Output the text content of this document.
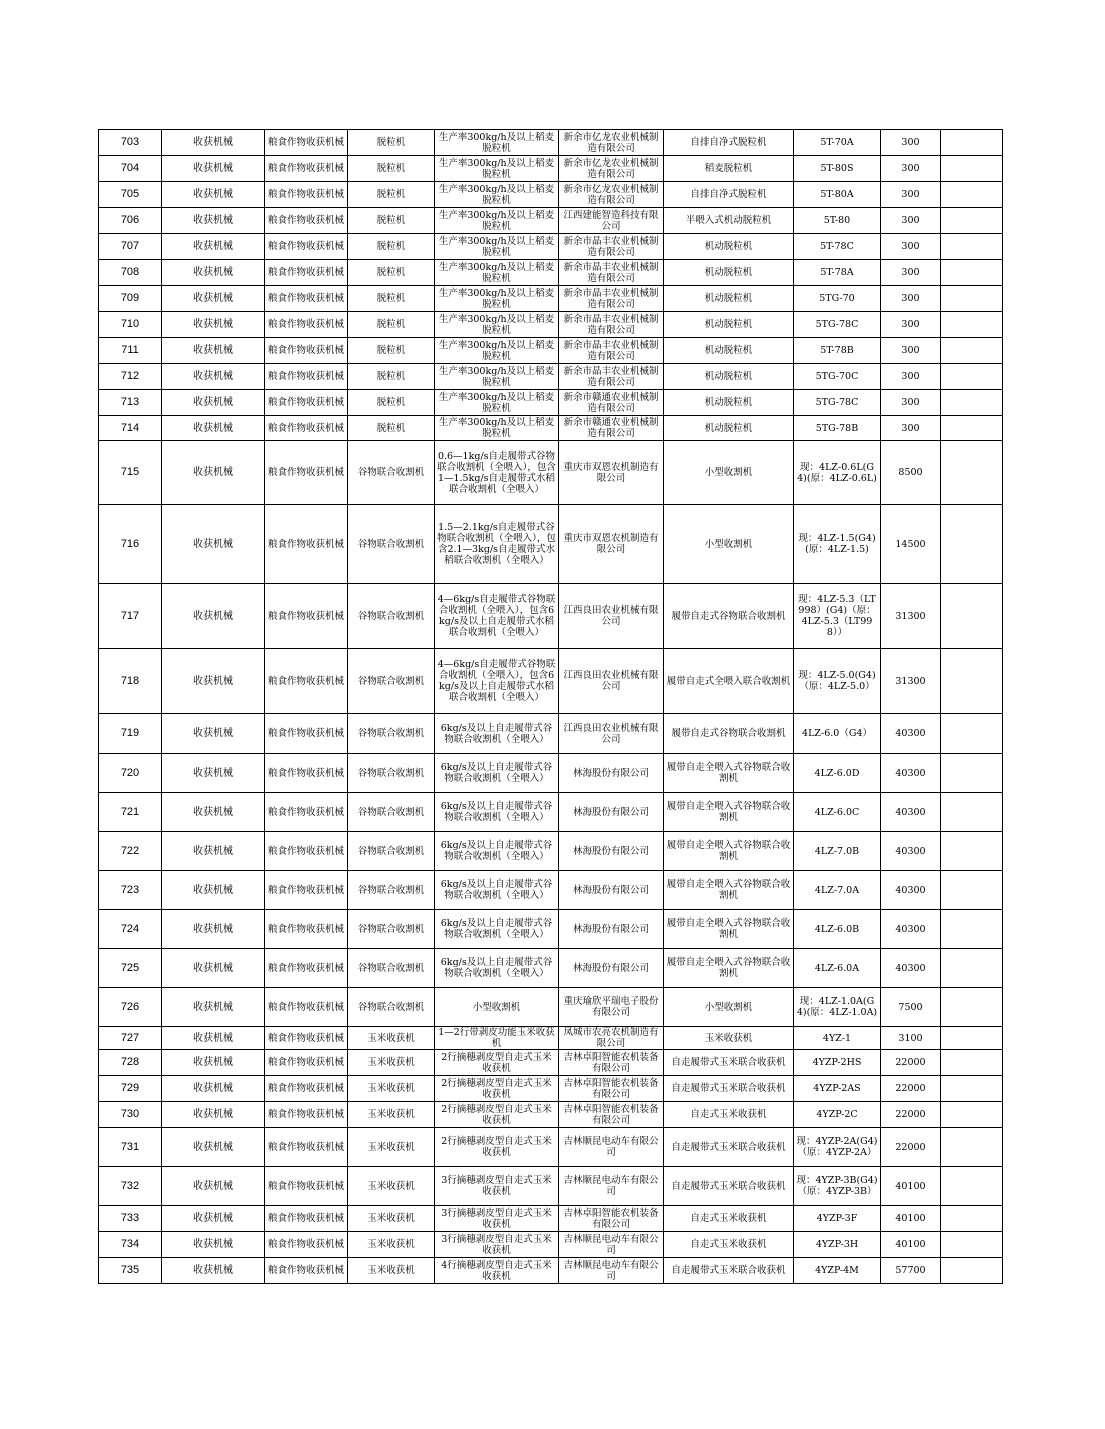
703	收获机械	粮食作物收获机械	脱粒机	生产率300kg/h及以上稻麦脱粒机	新余市亿龙农业机械制造有限公司	自排自净式脱粒机	5T-70A	300	
704	收获机械	粮食作物收获机械	脱粒机	生产率300kg/h及以上稻麦脱粒机	新余市亿龙农业机械制造有限公司	稻麦脱粒机	5T-80S	300	
705	收获机械	粮食作物收获机械	脱粒机	生产率300kg/h及以上稻麦脱粒机	新余市亿龙农业机械制造有限公司	自排自净式脱粒机	5T-80A	300	
706	收获机械	粮食作物收获机械	脱粒机	生产率300kg/h及以上稻麦脱粒机	江西建能智造科技有限公司	半喂入式机动脱粒机	5T-80	300	
707	收获机械	粮食作物收获机械	脱粒机	生产率300kg/h及以上稻麦脱粒机	新余市晶丰农业机械制造有限公司	机动脱粒机	5T-78C	300	
708	收获机械	粮食作物收获机械	脱粒机	生产率300kg/h及以上稻麦脱粒机	新余市晶丰农业机械制造有限公司	机动脱粒机	5T-78A	300	
709	收获机械	粮食作物收获机械	脱粒机	生产率300kg/h及以上稻麦脱粒机	新余市晶丰农业机械制造有限公司	机动脱粒机	5TG-70	300	
710	收获机械	粮食作物收获机械	脱粒机	生产率300kg/h及以上稻麦脱粒机	新余市晶丰农业机械制造有限公司	机动脱粒机	5TG-78C	300	
711	收获机械	粮食作物收获机械	脱粒机	生产率300kg/h及以上稻麦脱粒机	新余市晶丰农业机械制造有限公司	机动脱粒机	5T-78B	300	
712	收获机械	粮食作物收获机械	脱粒机	生产率300kg/h及以上稻麦脱粒机	新余市晶丰农业机械制造有限公司	机动脱粒机	5TG-70C	300	
713	收获机械	粮食作物收获机械	脱粒机	生产率300kg/h及以上稻麦脱粒机	新余市赣通农业机械制造有限公司	机动脱粒机	5TG-78C	300	
714	收获机械	粮食作物收获机械	脱粒机	生产率300kg/h及以上稻麦脱粒机	新余市赣通农业机械制造有限公司	机动脱粒机	5TG-78B	300	
715	收获机械	粮食作物收获机械	谷物联合收割机	0.6—1kg/s自走履带式谷物联合收割机（全喂入），包含1—1.5kg/s自走履带式水稻联合收割机（全喂入）	重庆市双恩农机制造有限公司	小型收割机	现：4LZ-0.6L(G4)(原：4LZ-0.6L)	8500	
716	收获机械	粮食作物收获机械	谷物联合收割机	1.5—2.1kg/s自走履带式谷物联合收割机（全喂入），包含2.1—3kg/s自走履带式水稻联合收割机（全喂入）	重庆市双恩农机制造有限公司	小型收割机	现：4LZ-1.5(G4)(原：4LZ-1.5)	14500	
717	收获机械	粮食作物收获机械	谷物联合收割机	4—6kg/s自走履带式谷物联合收割机（全喂入），包含6kg/s及以上自走履带式水稻联合收割机（全喂入）	江西良田农业机械有限公司	履带自走式谷物联合收割机	现：4LZ-5.3（LT998）(G4)（原：4LZ-5.3（LT998））	31300	
718	收获机械	粮食作物收获机械	谷物联合收割机	4—6kg/s自走履带式谷物联合收割机（全喂入），包含6kg/s及以上自走履带式水稻联合收割机（全喂入）	江西良田农业机械有限公司	履带自走式全喂入联合收割机	现：4LZ-5.0(G4)（原：4LZ-5.0）	31300	
719	收获机械	粮食作物收获机械	谷物联合收割机	6kg/s及以上自走履带式谷物联合收割机（全喂入）	江西良田农业机械有限公司	履带自走式谷物联合收割机	4LZ-6.0（G4）	40300	
720	收获机械	粮食作物收获机械	谷物联合收割机	6kg/s及以上自走履带式谷物联合收割机（全喂入）	林海股份有限公司	履带自走全喂入式谷物联合收割机	4LZ-6.0D	40300	
721	收获机械	粮食作物收获机械	谷物联合收割机	6kg/s及以上自走履带式谷物联合收割机（全喂入）	林海股份有限公司	履带自走全喂入式谷物联合收割机	4LZ-6.0C	40300	
722	收获机械	粮食作物收获机械	谷物联合收割机	6kg/s及以上自走履带式谷物联合收割机（全喂入）	林海股份有限公司	履带自走全喂入式谷物联合收割机	4LZ-7.0B	40300	
723	收获机械	粮食作物收获机械	谷物联合收割机	6kg/s及以上自走履带式谷物联合收割机（全喂入）	林海股份有限公司	履带自走全喂入式谷物联合收割机	4LZ-7.0A	40300	
724	收获机械	粮食作物收获机械	谷物联合收割机	6kg/s及以上自走履带式谷物联合收割机（全喂入）	林海股份有限公司	履带自走全喂入式谷物联合收割机	4LZ-6.0B	40300	
725	收获机械	粮食作物收获机械	谷物联合收割机	6kg/s及以上自走履带式谷物联合收割机（全喂入）	林海股份有限公司	履带自走全喂入式谷物联合收割机	4LZ-6.0A	40300	
726	收获机械	粮食作物收获机械	谷物联合收割机	小型收割机	重庆瑜欣平瑞电子股份有限公司	小型收割机	现：4LZ-1.0A(G4)(原：4LZ-1.0A)	7500	
727	收获机械	粮食作物收获机械	玉米收获机	1—2行带剥皮功能玉米收获机	凤城市农亮农机制造有限公司	玉米收获机	4YZ-1	3100	
728	收获机械	粮食作物收获机械	玉米收获机	2行摘穗剥皮型自走式玉米收获机	吉林卓阳智能农机装备有限公司	自走履带式玉米联合收获机	4YZP-2HS	22000	
729	收获机械	粮食作物收获机械	玉米收获机	2行摘穗剥皮型自走式玉米收获机	吉林卓阳智能农机装备有限公司	自走履带式玉米联合收获机	4YZP-2AS	22000	
730	收获机械	粮食作物收获机械	玉米收获机	2行摘穗剥皮型自走式玉米收获机	吉林卓阳智能农机装备有限公司	自走式玉米收获机	4YZP-2C	22000	
731	收获机械	粮食作物收获机械	玉米收获机	2行摘穗剥皮型自走式玉米收获机	吉林顺昆电动车有限公司	自走履带式玉米联合收获机	现：4YZP-2A(G4)（原：4YZP-2A）	22000	
732	收获机械	粮食作物收获机械	玉米收获机	3行摘穗剥皮型自走式玉米收获机	吉林顺昆电动车有限公司	自走履带式玉米联合收获机	现：4YZP-3B(G4)（原：4YZP-3B）	40100	
733	收获机械	粮食作物收获机械	玉米收获机	3行摘穗剥皮型自走式玉米收获机	吉林卓阳智能农机装备有限公司	自走式玉米收获机	4YZP-3F	40100	
734	收获机械	粮食作物收获机械	玉米收获机	3行摘穗剥皮型自走式玉米收获机	吉林顺昆电动车有限公司	自走式玉米收获机	4YZP-3H	40100	
735	收获机械	粮食作物收获机械	玉米收获机	4行摘穗剥皮型自走式玉米收获机	吉林顺昆电动车有限公司	自走履带式玉米联合收获机	4YZP-4M	57700	
